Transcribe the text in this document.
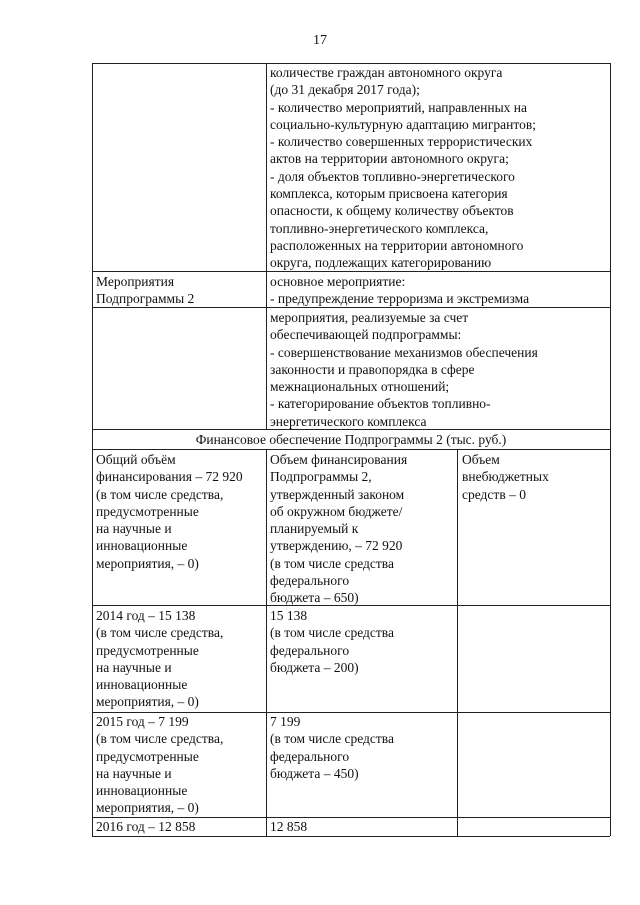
17
количестве граждан автономного округа
(до 31 декабря 2017 года);
- количество мероприятий, направленных на
социально-культурную адаптацию мигрантов;
- количество совершенных террористических
актов на территории автономного округа;
- доля объектов топливно-энергетического
комплекса, которым присвоена категория
опасности, к общему количеству объектов
топливно-энергетического комплекса,
расположенных на территории автономного
округа, подлежащих категорированию
Мероприятия
Подпрограммы 2
основное мероприятие:
- предупреждение терроризма и экстремизма
мероприятия, реализуемые за счет
обеспечивающей подпрограммы:
- совершенствование механизмов обеспечения
законности и правопорядка в сфере
межнациональных отношений;
- категорирование объектов топливно-
энергетического комплекса
Финансовое обеспечение Подпрограммы 2 (тыс. руб.)
Общий объём
финансирования – 72 920
(в том числе средства,
предусмотренные
на научные и
инновационные
мероприятия, – 0)
Объем финансирования
Подпрограммы 2,
утвержденный законом
об окружном бюджете/
планируемый к
утверждению, – 72 920
(в том числе средства
федерального
бюджета – 650)
Объем
внебюджетных
средств – 0
2014 год – 15 138
(в том числе средства,
предусмотренные
на научные и
инновационные
мероприятия, – 0)
15 138
(в том числе средства
федерального
бюджета – 200)
2015 год – 7 199
(в том числе средства,
предусмотренные
на научные и
инновационные
мероприятия, – 0)
7 199
(в том числе средства
федерального
бюджета – 450)
2016 год – 12 858	12 858
